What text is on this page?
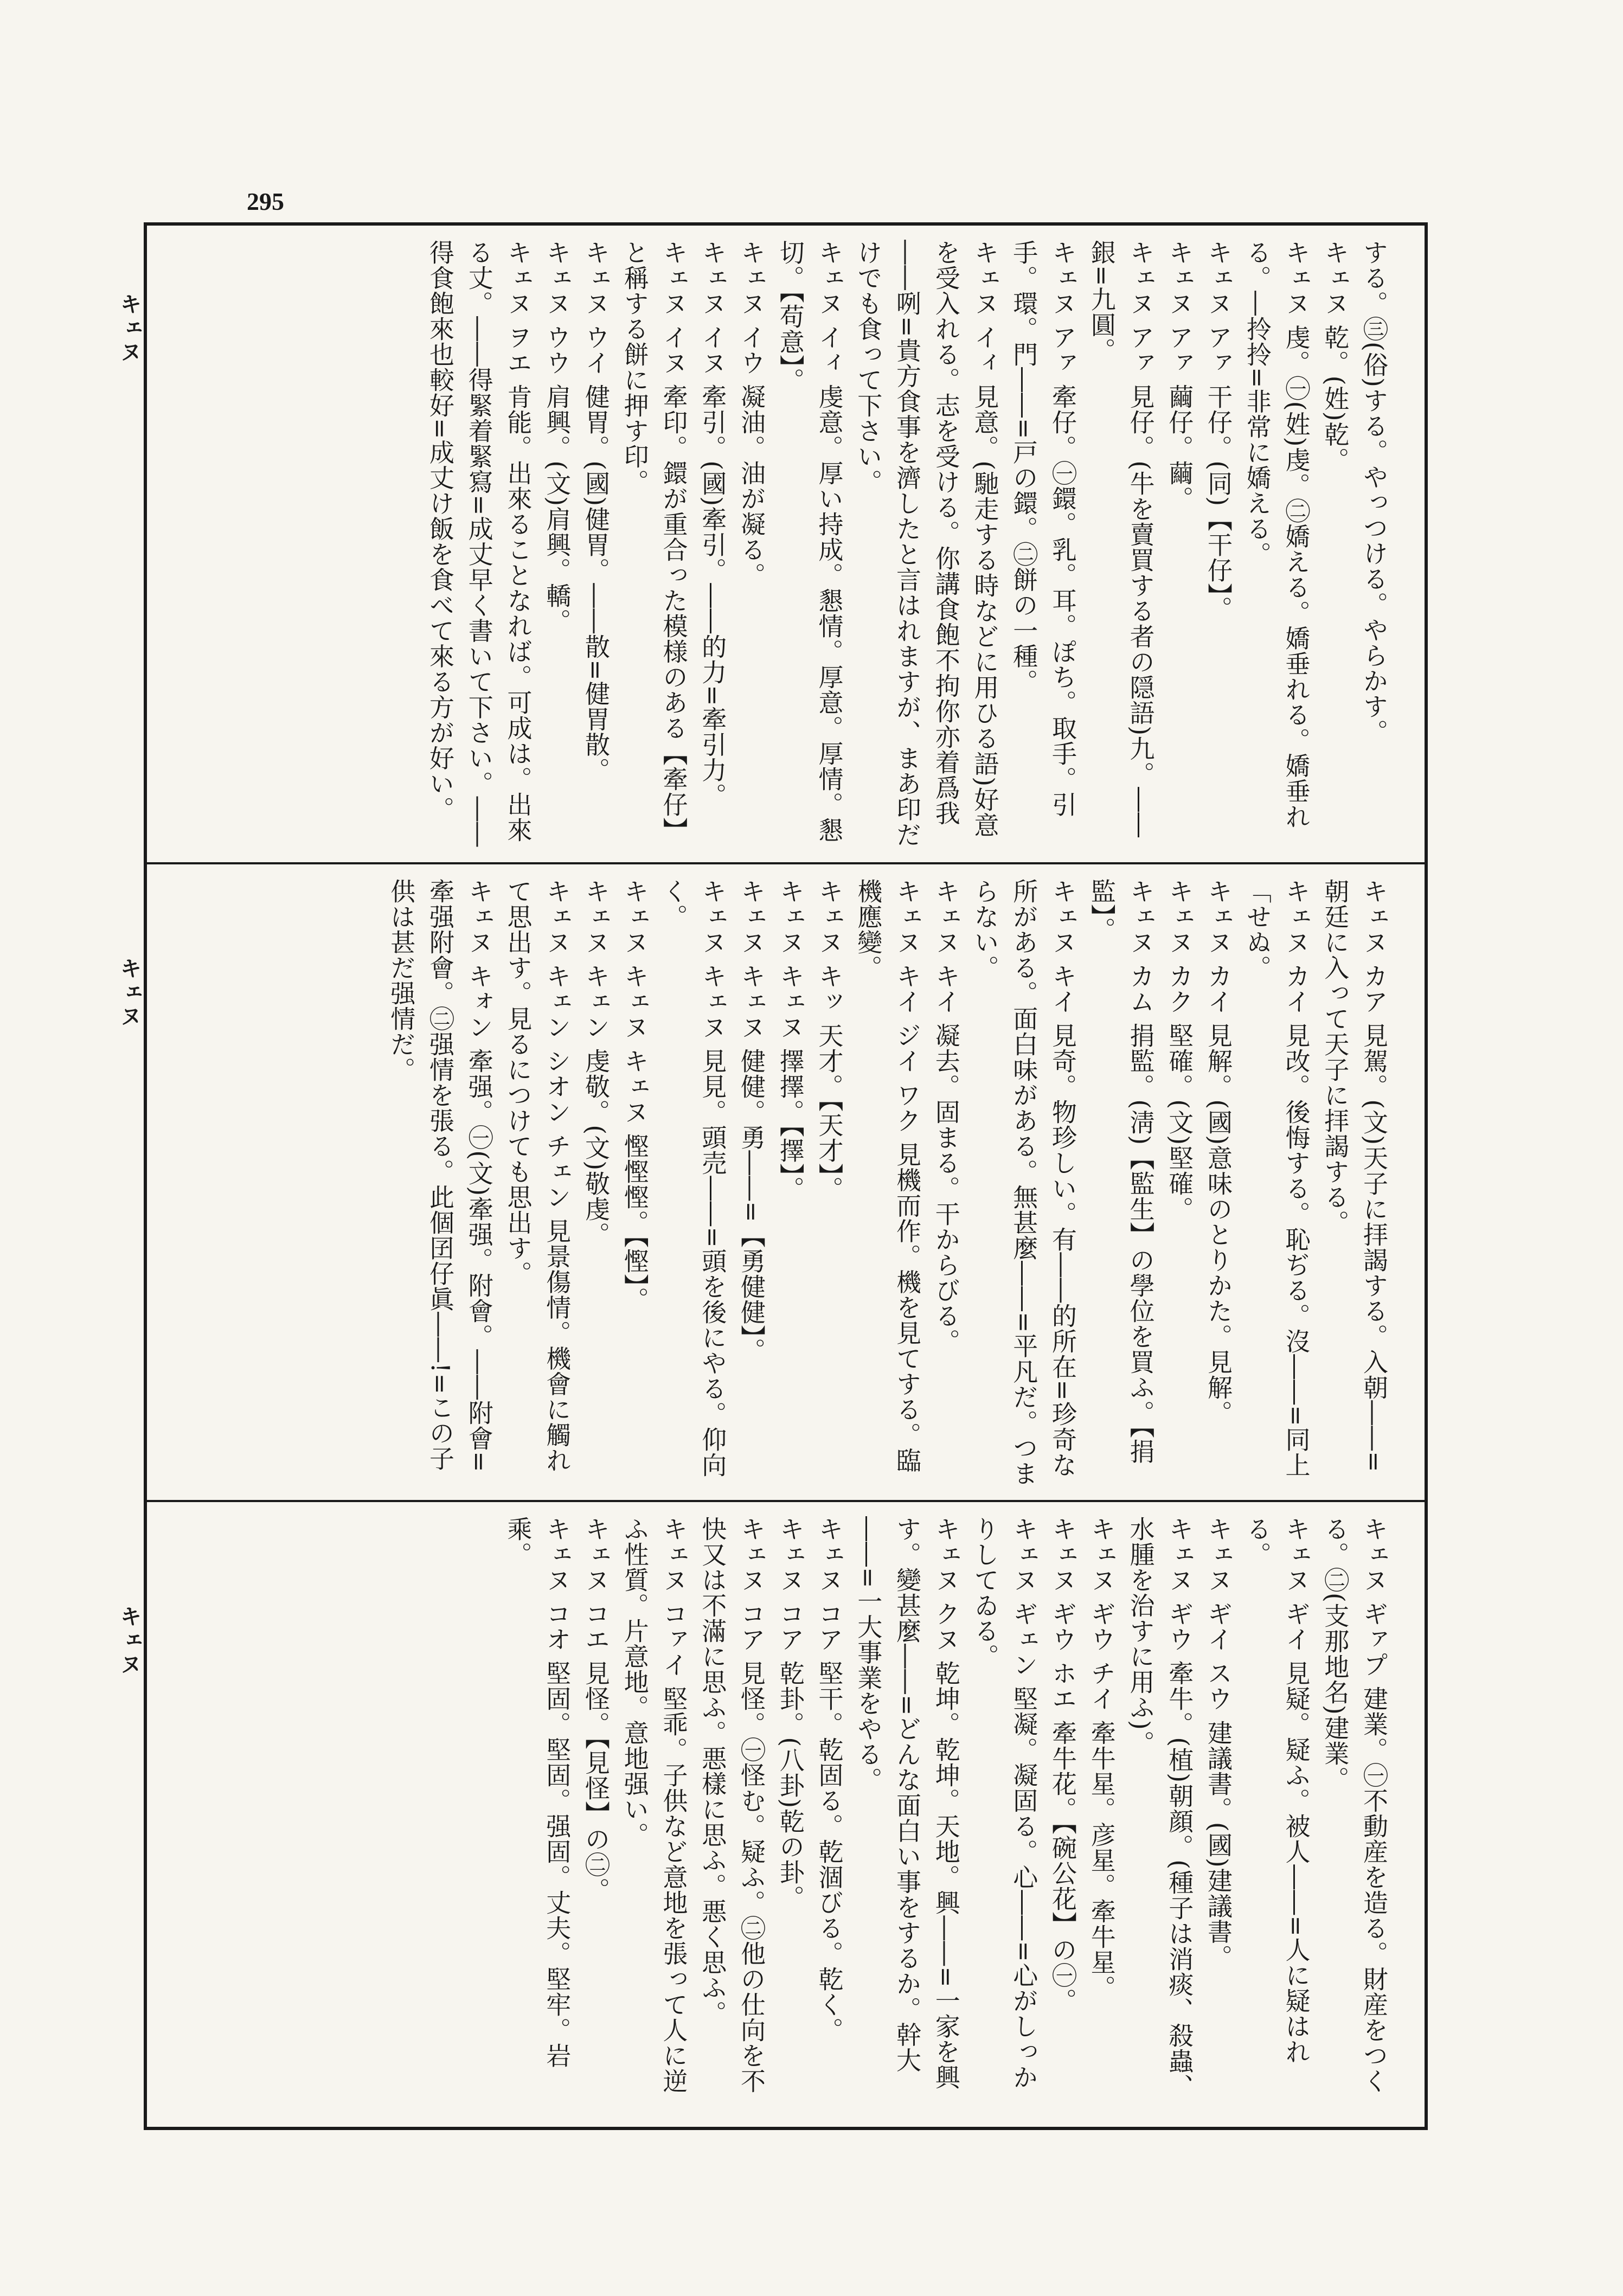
295
キェヌ
キェヌ
キェヌ
する。㊂(俗)する。やっつける。やらかす。
キェヌ 乾。(姓)乾。
キェヌ 虔。㊀(姓)虔。㊁嬌える。嬌垂れる。嬌垂れる。―拎拎=非常に嬌える。
キェヌ アァ 干仔。(同)【干仔】。
キェヌ アァ 繭仔。繭。
キェヌ アァ 見仔。(牛を賣買する者の隠語)九。――銀=九圓。
キェヌ アァ 牽仔。㊀鐶。乳。耳。ぽち。取手。引手。環。門――=戸の鐶。㊁餅の一種。
キェヌ イィ 見意。(馳走する時などに用ひる語)好意を受入れる。志を受ける。你講食飽不拘你亦着爲我――咧=貴方食事を濟したと言はれますが、まあ印だけでも食って下さい。
キェヌ イィ 虔意。厚い持成。懇情。厚意。厚情。懇切。【苟意】。
キェヌ イウ 凝油。油が凝る。
キェヌ イヌ 牽引。(國)牽引。――的力=牽引力。
キェヌ イヌ 牽印。鐶が重合った模様のある【牽仔】と稱する餅に押す印。
キェヌ ウイ 健胃。(國)健胃。――散=健胃散。
キェヌ ウウ 肩興。(文)肩興。轎。
キェヌ ヲエ 肯能。出來ることなれば。可成は。出來る丈。――得緊着緊寫=成丈早く書いて下さい。――得食飽來也較好=成丈け飯を食べて來る方が好い。
キェヌ カア 見駕。(文)天子に拝謁する。入朝――=朝廷に入って天子に拝謁する。
キェヌ カイ 見改。後悔する。恥ぢる。沒――=同上「せぬ。
キェヌ カイ 見解。(國)意味のとりかた。見解。
キェヌ カク 堅確。(文)堅確。
キェヌ カム 捐監。(淸)【監生】の學位を買ふ。【捐監】。
キェヌ キイ 見奇。物珍しい。有――的所在=珍奇な所がある。面白味がある。無甚麼――=平凡だ。つまらない。
キェヌ キイ 凝去。固まる。干からびる。
キェヌ キイ ジイ ワク 見機而作。機を見てする。臨機應變。
キェヌ キッ 天才。【天才】。
キェヌ キェヌ 擇擇。【擇】。
キェヌ キェヌ 健健。勇――=【勇健健】。
キェヌ キェヌ 見見。頭売――=頭を後にやる。仰向く。
キェヌ キェヌ キェヌ 慳慳慳。【慳】。
キェヌ キェン 虔敬。(文)敬虔。
キェヌ キェン シオン チェン 見景傷情。機會に觸れて思出す。見るにつけても思出す。
キェヌ キォン 牽强。㊀(文)牽强。附會。――附會=牽强附會。㊁强情を張る。此個囝仔眞――!=この子供は甚だ强情だ。
キェヌ ギァプ 建業。㊀不動産を造る。財産をつくる。㊁(支那地名)建業。
キェヌ ギイ 見疑。疑ふ。被人――=人に疑はれる。
キェヌ ギイ スウ 建議書。(國)建議書。
キェヌ ギウ 牽牛。(植)朝顔。(種子は消痰、殺蟲、水腫を治すに用ふ)。
キェヌ ギウ チイ 牽牛星。彦星。牽牛星。
キェヌ ギウ ホエ 牽牛花。【碗公花】の㊀。
キェヌ ギェン 堅凝。凝固る。心――=心がしっかりしてゐる。
キェヌ クヌ 乾坤。乾坤。天地。興――=一家を興す。變甚麼――=どんな面白い事をするか。幹大――=一大事業をやる。
キェヌ コア 堅干。乾固る。乾涸びる。乾く。
キェヌ コア 乾卦。(八卦)乾の卦。
キェヌ コア 見怪。㊀怪む。疑ふ。㊁他の仕向を不快又は不滿に思ふ。悪樣に思ふ。悪く思ふ。
キェヌ コァイ 堅乖。子供など意地を張って人に逆ふ性質。片意地。意地强い。
キェヌ コエ 見怪。【見怪】の㊁。
キェヌ コオ 堅固。堅固。强固。丈夫。堅牢。岩乘。
